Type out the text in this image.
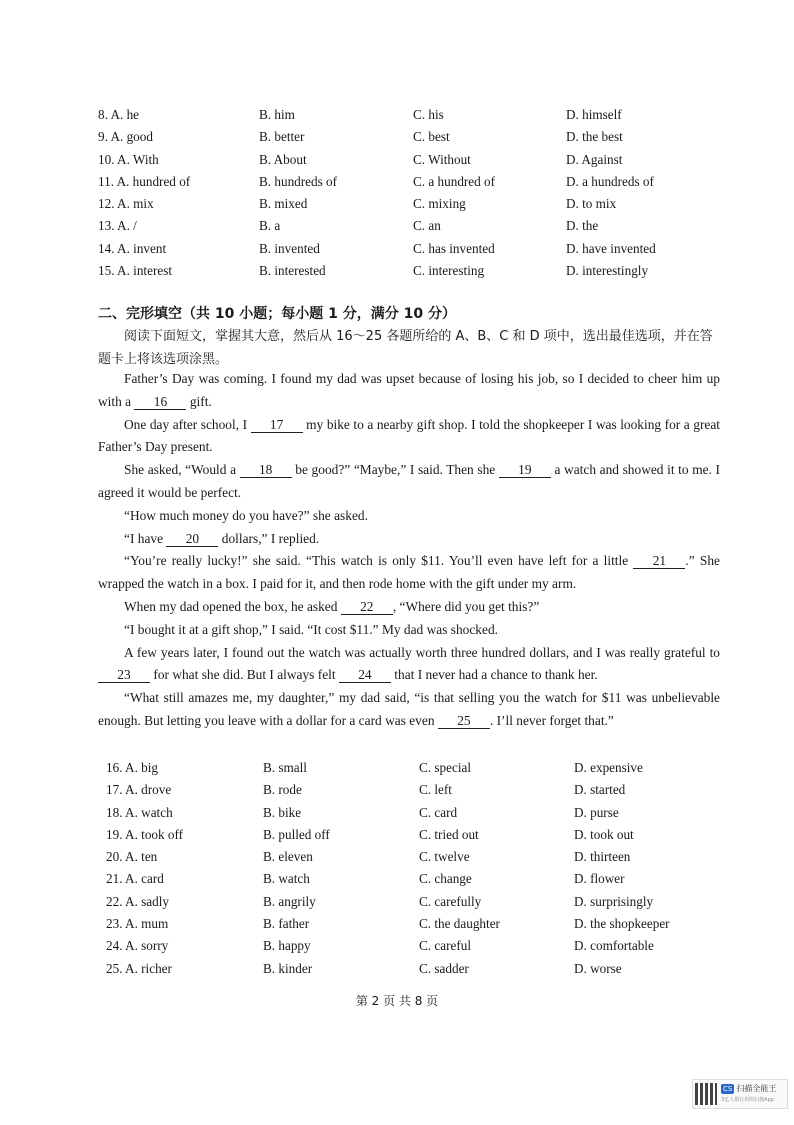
8. A. he	B. him	C. his	D. himself
9. A. good	B. better	C. best	D. the best
10. A. With	B. About	C. Without	D. Against
11. A. hundred of	B. hundreds of	C. a hundred of	D. a hundreds of
12. A. mix	B. mixed	C. mixing	D. to mix
13. A. /	B. a	C. an	D. the
14. A. invent	B. invented	C. has invented	D. have invented
15. A. interest	B. interested	C. interesting	D. interestingly
二、完形填空（共 10 小题；每小题 1 分，满分 10 分）
阅读下面短文，掌握其大意，然后从 16～25 各题所给的 A、B、C 和 D 项中，选出最佳选项，并在答题卡上将该选项涂黑。

Father’s Day was coming. I found my dad was upset because of losing his job, so I decided to cheer him up with a 16 gift.

One day after school, I 17 my bike to a nearby gift shop. I told the shopkeeper I was looking for a great Father’s Day present.

She asked, “Would a 18 be good?” “Maybe,” I said. Then she 19 a watch and showed it to me. I agreed it would be perfect.

“How much money do you have?” she asked.

“I have 20 dollars,” I replied.

“You’re really lucky!” she said. “This watch is only $11. You’ll even have left for a little 21 .” She wrapped the watch in a box. I paid for it, and then rode home with the gift under my arm.

When my dad opened the box, he asked 22 , “Where did you get this?”

“I bought it at a gift shop,” I said. “It cost $11.” My dad was shocked.

A few years later, I found out the watch was actually worth three hundred dollars, and I was really grateful to 23 for what she did. But I always felt 24 that I never had a chance to thank her.

“What still amazes me, my daughter,” my dad said, “is that selling you the watch for $11 was unbelievable enough. But letting you leave with a dollar for a card was even 25 . I’ll never forget that.”

16. A. big	B. small	C. special	D. expensive
17. A. drove	B. rode	C. left	D. started
18. A. watch	B. bike	C. card	D. purse
19. A. took off	B. pulled off	C. tried out	D. took out
20. A. ten	B. eleven	C. twelve	D. thirteen
21. A. card	B. watch	C. change	D. flower
22. A. sadly	B. angrily	C. carefully	D. surprisingly
23. A. mum	B. father	C. the daughter	D. the shopkeeper
24. A. sorry	B. happy	C. careful	D. comfortable
25. A. richer	B. kinder	C. sadder	D. worse
第 2 页 共 8 页
CS 扫描全能王
3亿人都在用的扫描App
